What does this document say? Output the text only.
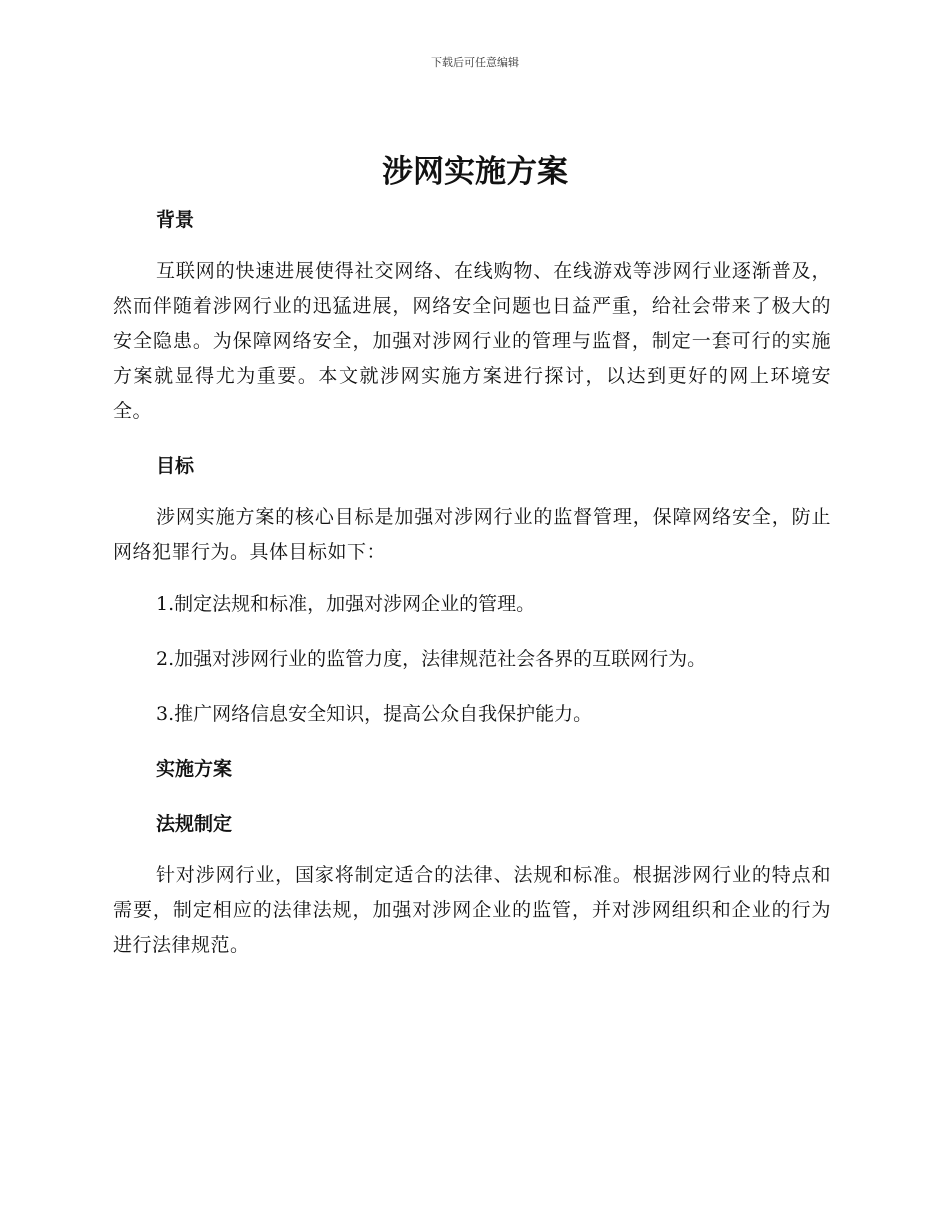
下载后可任意编辑
涉网实施方案

背景

互联网的快速进展使得社交网络、在线购物、在线游戏等涉网行业逐渐普及，然而伴随着涉网行业的迅猛进展，网络安全问题也日益严重，给社会带来了极大的安全隐患。为保障网络安全，加强对涉网行业的管理与监督，制定一套可行的实施方案就显得尤为重要。本文就涉网实施方案进行探讨，以达到更好的网上环境安全。

目标

涉网实施方案的核心目标是加强对涉网行业的监督管理，保障网络安全，防止网络犯罪行为。具体目标如下：

1.制定法规和标准，加强对涉网企业的管理。

2.加强对涉网行业的监管力度，法律规范社会各界的互联网行为。

3.推广网络信息安全知识，提高公众自我保护能力。

实施方案

法规制定

针对涉网行业，国家将制定适合的法律、法规和标准。根据涉网行业的特点和需要，制定相应的法律法规，加强对涉网企业的监管，并对涉网组织和企业的行为进行法律规范。
